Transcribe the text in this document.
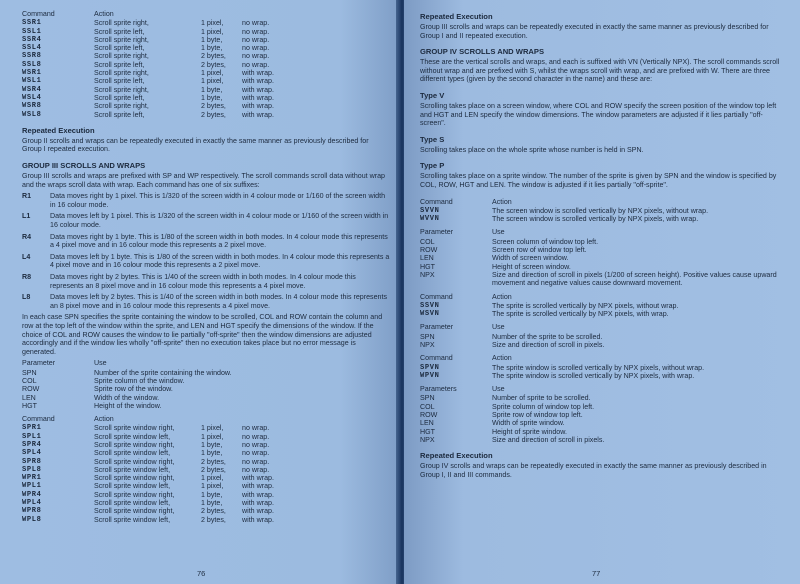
Command	Action
SSR1	Scroll sprite right,	1 pixel,	no wrap.
SSL1	Scroll sprite left,	1 pixel,	no wrap.
SSR4	Scroll sprite right,	1 byte,	no wrap.
SSL4	Scroll sprite left,	1 byte,	no wrap.
SSR8	Scroll sprite right,	2 bytes,	no wrap.
SSL8	Scroll sprite left,	2 bytes,	no wrap.
WSR1	Scroll sprite right,	1 pixel,	with wrap.
WSL1	Scroll sprite left,	1 pixel,	with wrap.
WSR4	Scroll sprite right,	1 byte,	with wrap.
WSL4	Scroll sprite left,	1 byte,	with wrap.
WSR8	Scroll sprite right,	2 bytes,	with wrap.
WSL8	Scroll sprite left,	2 bytes,	with wrap.
Repeated Execution

Group II scrolls and wraps can be repeatedly executed in exactly the same manner as previously described for Group I repeated execution.

GROUP III SCROLLS AND WRAPS

Group III scrolls and wraps are prefixed with SP and WP respectively. The scroll commands scroll data without wrap and the wraps scroll data with wrap. Each command has one of six suffixes:

R1	Data moves right by 1 pixel. This is 1/320 of the screen width in 4 colour mode or 1/160 of the screen width in 16 colour mode.
L1	Data moves left by 1 pixel. This is 1/320 of the screen width in 4 colour mode or 1/160 of the screen width in 16 colour mode.
R4	Data moves right by 1 byte. This is 1/80 of the screen width in both modes. In 4 colour mode this represents a 4 pixel move and in 16 colour mode this represents a 2 pixel move.
L4	Data moves left by 1 byte. This is 1/80 of the screen width in both modes. In 4 colour mode this represents a 4 pixel move and in 16 colour mode this represents a 2 pixel move.
R8	Data moves right by 2 bytes. This is 1/40 of the screen width in both modes. In 4 colour mode this represents an 8 pixel move and in 16 colour mode this represents a 4 pixel move.
L8	Data moves left by 2 bytes. This is 1/40 of the screen width in both modes. In 4 colour mode this represents an 8 pixel move and in 16 colour mode this represents a 4 pixel move.

In each case SPN specifies the sprite containing the window to be scrolled, COL and ROW contain the column and row at the top left of the window within the sprite, and LEN and HGT specify the dimensions of the window. If the choice of COL and ROW causes the window to lie partially "off-sprite" then the window dimensions are adjusted accordingly and if the window lies wholly "off-sprite" then no execution takes place but no error message is generated.

Parameter	Use
SPN	Number of the sprite containing the window.
COL	Sprite column of the window.
ROW	Sprite row of the window.
LEN	Width of the window.
HGT	Height of the window.
Command	Action
SPR1	Scroll sprite window right,	1 pixel,	no wrap.
SPL1	Scroll sprite window left,	1 pixel,	no wrap.
SPR4	Scroll sprite window right,	1 byte,	no wrap.
SPL4	Scroll sprite window left,	1 byte,	no wrap.
SPR8	Scroll sprite window right,	2 bytes,	no wrap.
SPL8	Scroll sprite window left,	2 bytes,	no wrap.
WPR1	Scroll sprite window right,	1 pixel,	with wrap.
WPL1	Scroll sprite window left,	1 pixel,	with wrap.
WPR4	Scroll sprite window right,	1 byte,	with wrap.
WPL4	Scroll sprite window left,	1 byte,	with wrap.
WPR8	Scroll sprite window right,	2 bytes,	with wrap.
WPL8	Scroll sprite window left,	2 bytes,	with wrap.
76
Repeated Execution

Group III scrolls and wraps can be repeatedly executed in exactly the same manner as previously described for Group I and II repeated execution.

GROUP IV SCROLLS AND WRAPS

These are the vertical scrolls and wraps, and each is suffixed with VN (Vertically NPX). The scroll commands scroll without wrap and are prefixed with S, whilst the wraps scroll with wrap, and are prefixed with W. There are three different types (given by the second character in the name) and these are:

Type V

Scrolling takes place on a screen window, where COL and ROW specify the screen position of the window top left and HGT and LEN specify the window dimensions. The window parameters are adjusted if it lies partially "off-screen".

Type S

Scrolling takes place on the whole sprite whose number is held in SPN.

Type P

Scrolling takes place on a sprite window. The number of the sprite is given by SPN and the window is specified by COL, ROW, HGT and LEN. The window is adjusted if it lies partially "off-sprite".

Command	Action
SVVN	The screen window is scrolled vertically by NPX pixels, without wrap.
WVVN	The screen window is scrolled vertically by NPX pixels, with wrap.
Parameter	Use
COL	Screen column of window top left.
ROW	Screen row of window top left.
LEN	Width of screen window.
HGT	Height of screen window.
NPX	Size and direction of scroll in pixels (1/200 of screen height). Positive values cause upward movement and negative values cause downward movement.
Command	Action
SSVN	The sprite is scrolled vertically by NPX pixels, without wrap.
WSVN	The sprite is scrolled vertically by NPX pixels, with wrap.
Parameter	Use
SPN	Number of the sprite to be scrolled.
NPX	Size and direction of scroll in pixels.
Command	Action
SPVN	The sprite window is scrolled vertically by NPX pixels, without wrap.
WPVN	The sprite window is scrolled vertically by NPX pixels, with wrap.
Parameters	Use
SPN	Number of sprite to be scrolled.
COL	Sprite column of window top left.
ROW	Sprite row of window top left.
LEN	Width of sprite window.
HGT	Height of sprite window.
NPX	Size and direction of scroll in pixels.
Repeated Execution

Group IV scrolls and wraps can be repeatedly executed in exactly the same manner as previously described in Group I, II and III commands.

77
